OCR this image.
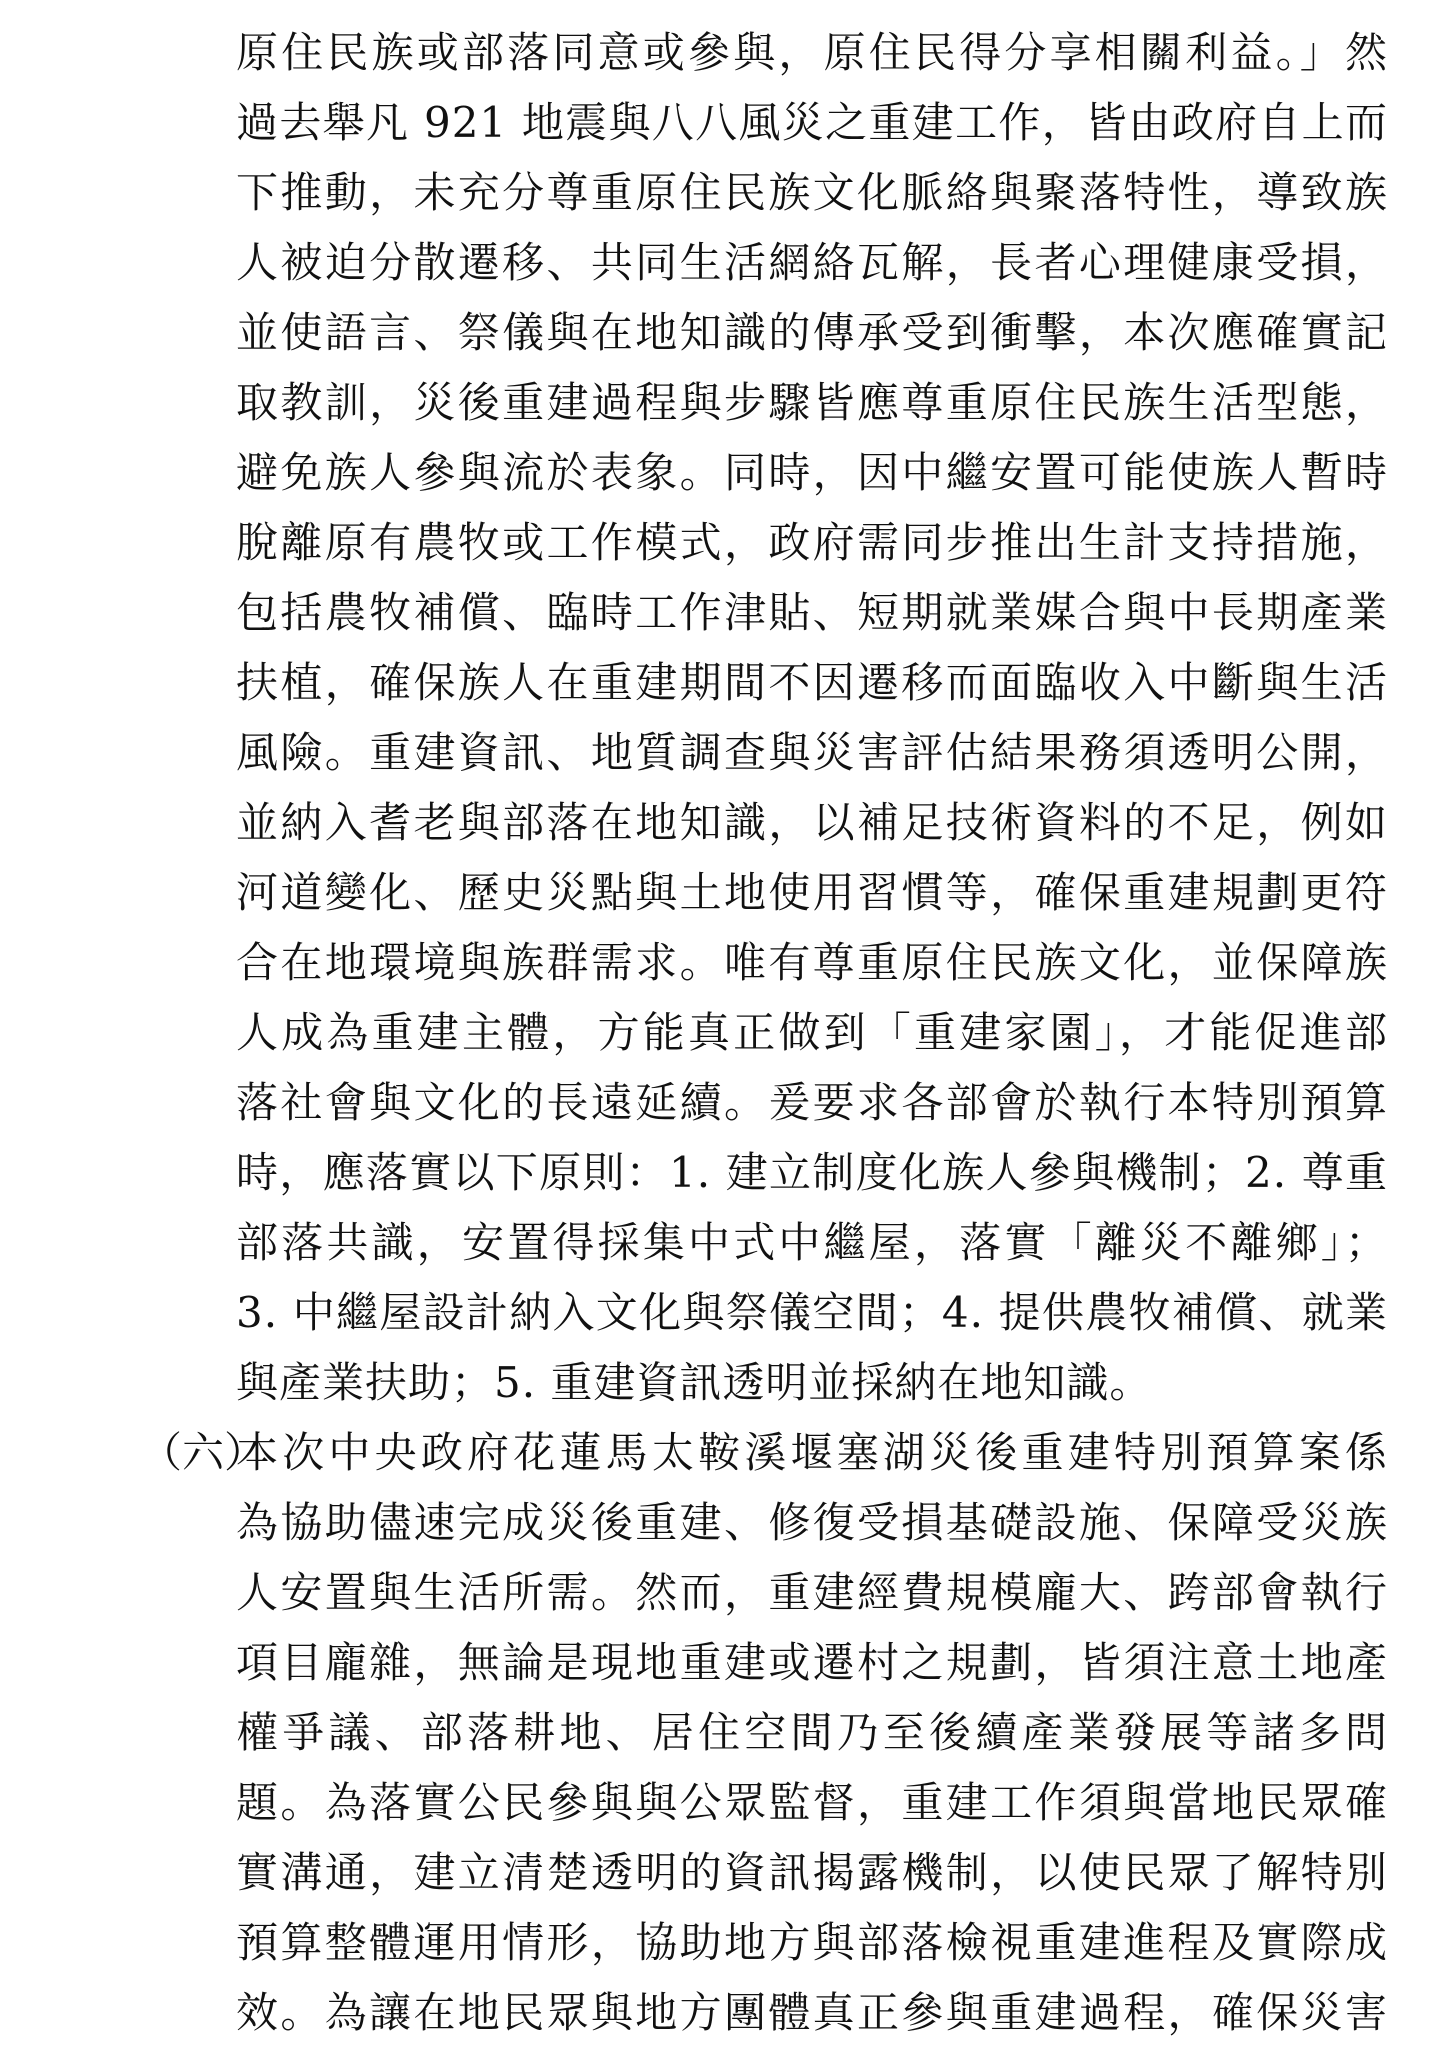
原住民族或部落同意或參與，原住民得分享相關利益。」然
過去舉凡 921 地震與八八風災之重建工作，皆由政府自上而
下推動，未充分尊重原住民族文化脈絡與聚落特性，導致族
人被迫分散遷移、共同生活網絡瓦解，長者心理健康受損，
並使語言、祭儀與在地知識的傳承受到衝擊，本次應確實記
取教訓，災後重建過程與步驟皆應尊重原住民族生活型態，
避免族人參與流於表象。同時，因中繼安置可能使族人暫時
脫離原有農牧或工作模式，政府需同步推出生計支持措施，
包括農牧補償、臨時工作津貼、短期就業媒合與中長期產業
扶植，確保族人在重建期間不因遷移而面臨收入中斷與生活
風險。重建資訊、地質調查與災害評估結果務須透明公開，
並納入耆老與部落在地知識，以補足技術資料的不足，例如
河道變化、歷史災點與土地使用習慣等，確保重建規劃更符
合在地環境與族群需求。唯有尊重原住民族文化，並保障族
人成為重建主體，方能真正做到「重建家園」，才能促進部
落社會與文化的長遠延續。爰要求各部會於執行本特別預算
時，應落實以下原則：1. 建立制度化族人參與機制；2. 尊重
部落共識，安置得採集中式中繼屋，落實「離災不離鄉」；
3. 中繼屋設計納入文化與祭儀空間；4. 提供農牧補償、就業
與產業扶助；5. 重建資訊透明並採納在地知識。
（六）
本次中央政府花蓮馬太鞍溪堰塞湖災後重建特別預算案係
為協助儘速完成災後重建、修復受損基礎設施、保障受災族
人安置與生活所需。然而，重建經費規模龐大、跨部會執行
項目龐雜，無論是現地重建或遷村之規劃，皆須注意土地產
權爭議、部落耕地、居住空間乃至後續產業發展等諸多問
題。為落實公民參與與公眾監督，重建工作須與當地民眾確
實溝通，建立清楚透明的資訊揭露機制，以使民眾了解特別
預算整體運用情形，協助地方與部落檢視重建進程及實際成
效。為讓在地民眾與地方團體真正參與重建過程，確保災害
